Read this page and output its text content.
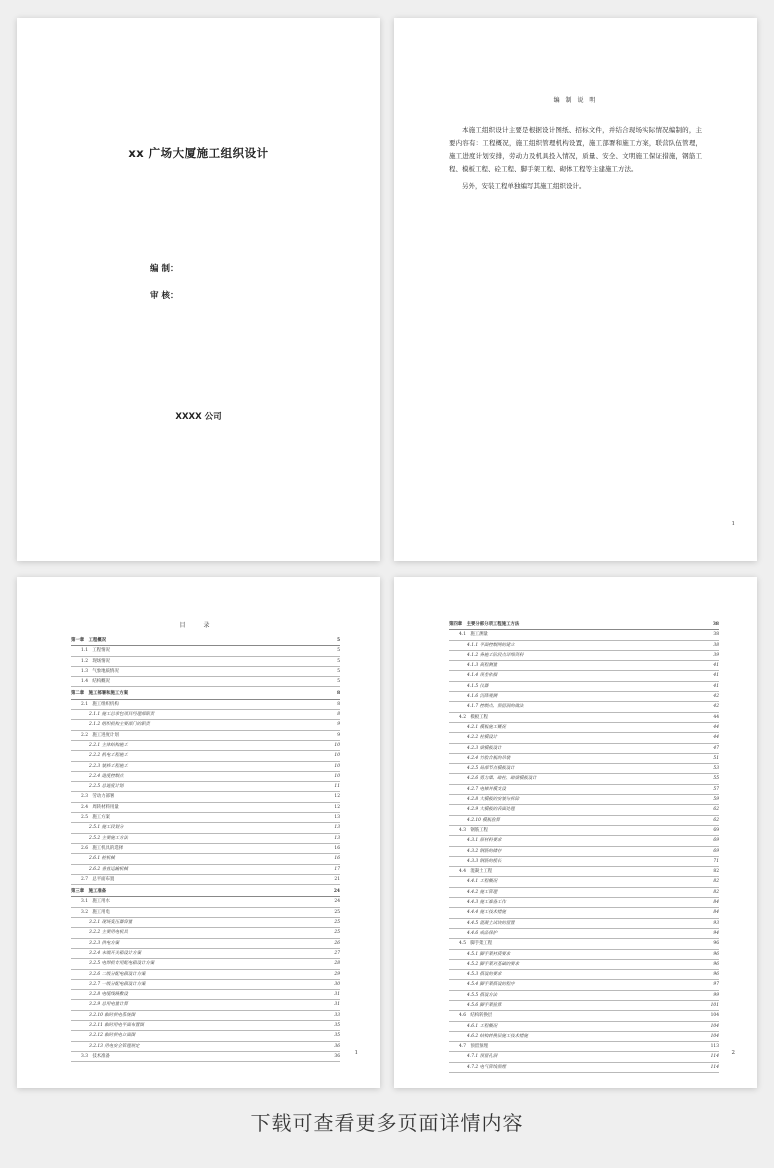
xx 广场大厦施工组织设计
编 制：
审 核：
XXXX 公司
编 制 说 明

本施工组织设计主要是根据设计图纸、招标文件，并结合现场实际情况编制的，主要内容有：工程概况，施工组织管理机构设置，施工部署和施工方案，联营队伍管理，施工进度计划安排，劳动力及机具投入情况，质量、安全、文明施工保证措施，钢筋工程、模板工程、砼工程、脚手架工程、砌体工程等主建施工方法。

另外，安装工程单独编写其施工组织设计。

1
目 录
第一章　工程概况	5
1.1　工程情况	5
1.2　现场情况	5
1.3　气象地质情况	5
1.4　结构概况	5
第二章　施工部署和施工方案	8
2.1　施工组织机构	8
2.1.1 施工总承包项目经理部职责	8
2.1.2 组织机构主要部门的职责	9
2.2　施工进度计划	9
2.2.1 主体结构施工	10
2.2.2 机电工程施工	10
2.2.3 装修工程施工	10
2.2.4 进度控制点	10
2.2.5 总进度计划	11
2.3　劳动力部署	12
2.4　周转材料用量	12
2.5　施工方案	13
2.5.1 施工段划分	13
2.5.2 主要施工方法	13
2.6　施工机具的选择	16
2.6.1 桩机械	16
2.6.2 垂直运输机械	17
2.7　总平面布置	21
第三章　施工准备	24
3.1　施工用水	24
3.2　施工用电	25
3.2.1 现场变压器容量	25
3.2.2 主要用电机具	25
3.2.3 供电方案	26
3.2.4 末端开关箱设计方案	27
3.2.5 电焊机专用配电箱设计方案	28
3.2.6 二级分配电箱设计方案	29
3.2.7 一级分配电箱设计方案	30
3.2.8 电缆线路敷设	31
3.2.9 总用电量计算	31
3.2.10 临时供电系统图	33
3.2.11 临时用电平面布置图	35
3.2.12 临时供电立面图	35
3.2.13 用电安全管理规定	36
3.3　技术准备	36
1
第四章　主要分部分项工程施工方法	38
4.1　施工测量	38
4.1.1 平面控制网的建立	38
4.1.2 各施工阶段点详细资料	39
4.1.3 高程测量	41
4.1.4 误差依据	41
4.1.5 仪器	41
4.1.6 沉降观测	42
4.1.7 控制点、预留洞的做法	42
4.2　模板工程	44
4.2.1 模板施工概况	44
4.2.2 柱模设计	44
4.2.3 梁模板设计	47
4.2.4 竹胶合板的吊装	51
4.2.5 局部节点模板设计	53
4.2.6 剪力墙、暗柱、暗梁模板设计	55
4.2.7 电梯井模支设	57
4.2.8 大模板的安装与拆除	59
4.2.9 大模板的表面处理	62
4.2.10 模板验算	62
4.3　钢筋工程	69
4.3.1 原材料要求	69
4.3.2 钢筋的储存	69
4.3.3 钢筋的接长	71
4.4　混凝土工程	82
4.4.1 工程概况	82
4.4.2 施工管理	82
4.4.3 施工准备工作	84
4.4.4 施工技术措施	84
4.4.5 混凝土试块的留置	93
4.4.6 成品保护	94
4.5　脚手架工程	96
4.5.1 脚手架材质要求	96
4.5.2 脚手架对基础的要求	96
4.5.3 搭设的要求	96
4.5.4 脚手架搭设的程序	97
4.5.5 搭设方法	99
4.5.6 脚手架验算	101
4.6　结构转换层	104
4.6.1 工程概况	104
4.6.2 结构转换层施工技术措施	104
4.7　预留预埋	113
4.7.1 预留孔洞	114
4.7.2 电气管线预埋	114
2
下载可查看更多页面详情内容
